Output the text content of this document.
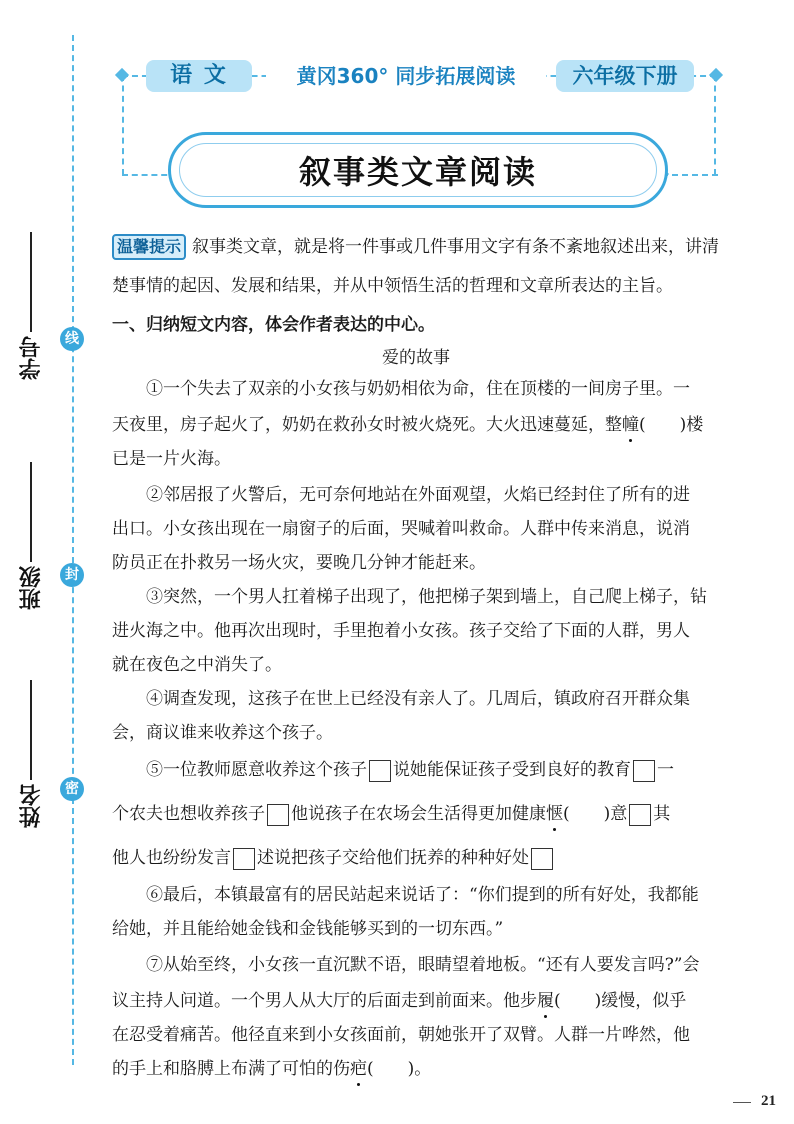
线
封
密
学号
班级
姓名
语 文	黄冈360° 同步拓展阅读	六年级下册
叙事类文章阅读
温馨提示 叙事类文章，就是将一件事或几件事用文字有条不紊地叙述出来，讲清
楚事情的起因、发展和结果，并从中领悟生活的哲理和文章所表达的主旨。
一、归纳短文内容，体会作者表达的中心。
爱的故事
①一个失去了双亲的小女孩与奶奶相依为命，住在顶楼的一间房子里。一
天夜里，房子起火了，奶奶在救孙女时被火烧死。大火迅速蔓延，整幢(　　)楼
已是一片火海。
②邻居报了火警后，无可奈何地站在外面观望，火焰已经封住了所有的进
出口。小女孩出现在一扇窗子的后面，哭喊着叫救命。人群中传来消息，说消
防员正在扑救另一场火灾，要晚几分钟才能赶来。
③突然，一个男人扛着梯子出现了，他把梯子架到墙上，自己爬上梯子，钻
进火海之中。他再次出现时，手里抱着小女孩。孩子交给了下面的人群，男人
就在夜色之中消失了。
④调查发现，这孩子在世上已经没有亲人了。几周后，镇政府召开群众集
会，商议谁来收养这个孩子。
⑤一位教师愿意收养这个孩子 说她能保证孩子受到良好的教育 一
个农夫也想收养孩子 他说孩子在农场会生活得更加健康惬(　　)意 其
他人也纷纷发言 述说把孩子交给他们抚养的种种好处
⑥最后，本镇最富有的居民站起来说话了：“你们提到的所有好处，我都能
给她，并且能给她金钱和金钱能够买到的一切东西。”
⑦从始至终，小女孩一直沉默不语，眼睛望着地板。“还有人要发言吗?”会
议主持人问道。一个男人从大厅的后面走到前面来。他步履(　　)缓慢，似乎
在忍受着痛苦。他径直来到小女孩面前，朝她张开了双臂。人群一片哗然，他
的手上和胳膊上布满了可怕的伤疤(　　)。
21
